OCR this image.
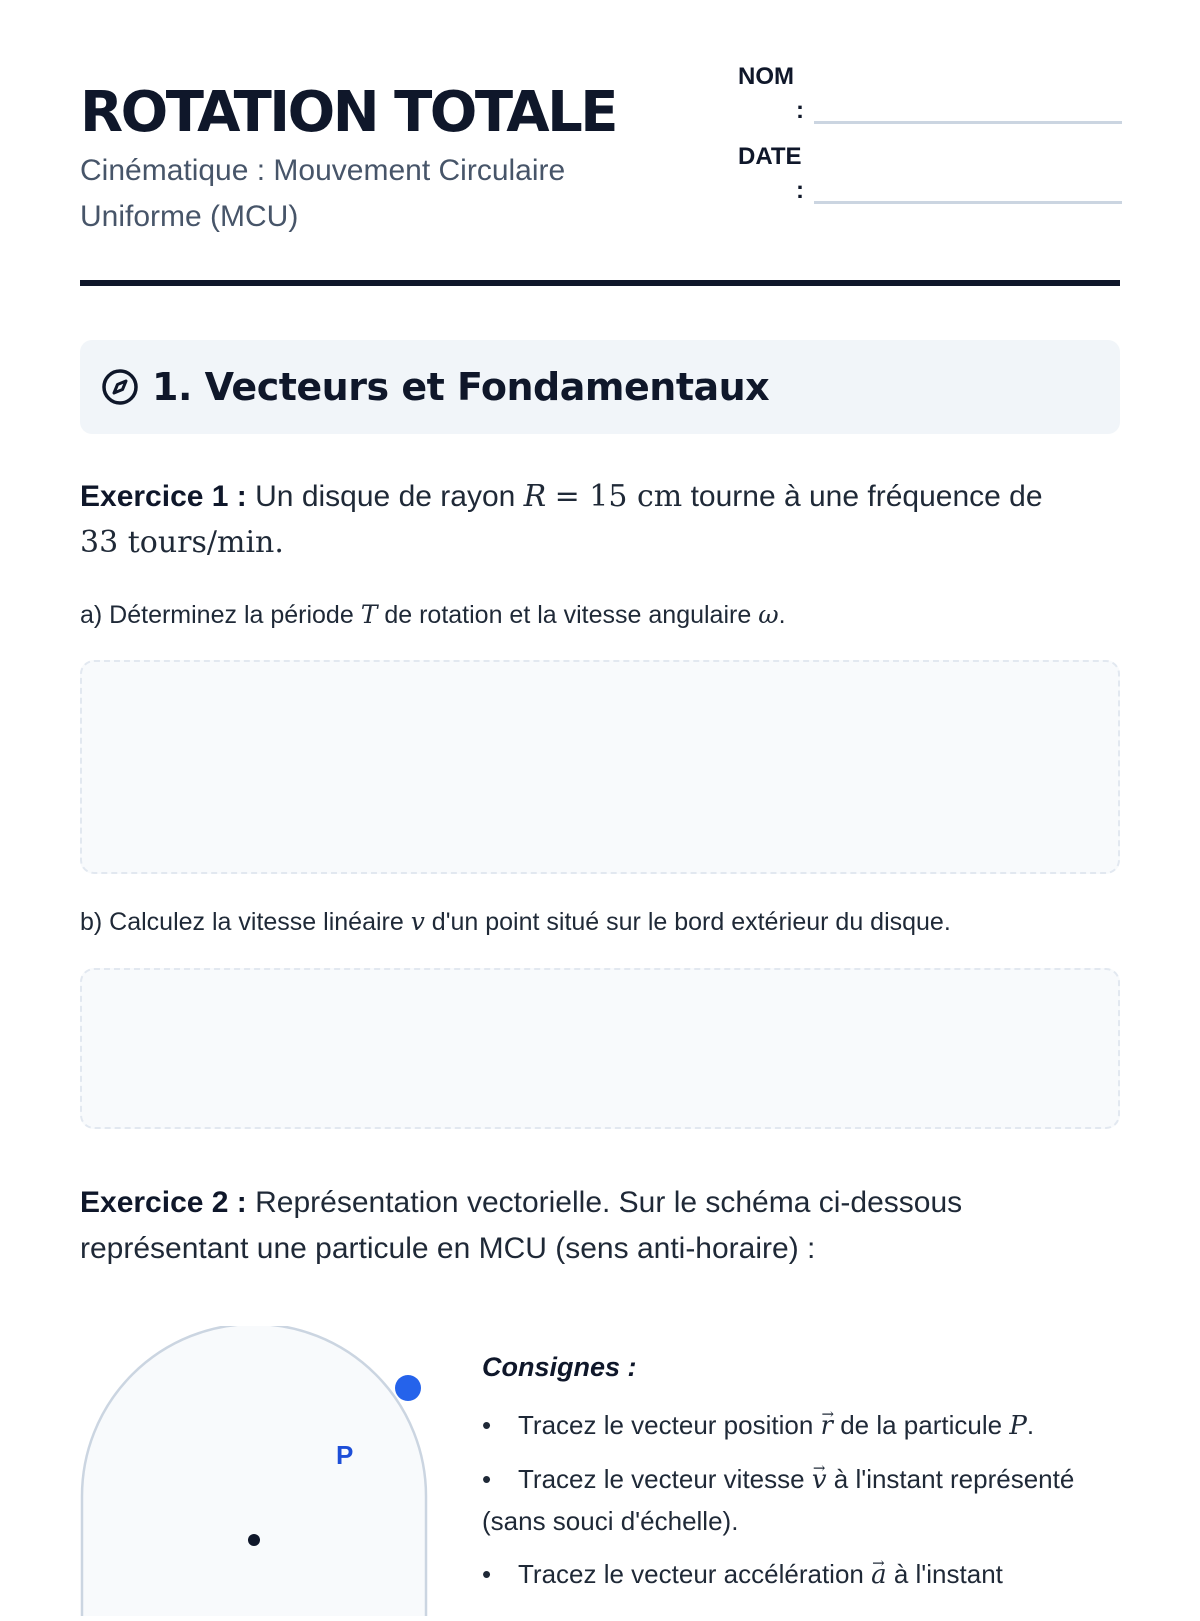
ROTATION TOTALE
Cinématique : Mouvement Circulaire Uniforme (MCU)
NOM
:
DATE
:
1. Vecteurs et Fondamentaux
Exercice 1 : Un disque de rayon R = 15 cm tourne à une fréquence de
33 tours/min.
a) Déterminez la période T de rotation et la vitesse angulaire ω.
b) Calculez la vitesse linéaire v d'un point situé sur le bord extérieur du disque.
Exercice 2 : Représentation vectorielle. Sur le schéma ci-dessous représentant une particule en MCU (sens anti-horaire) :
P
Consignes :
•Tracez le vecteur position → r de la particule P.
•Tracez le vecteur vitesse → v à l'instant représenté (sans souci d'échelle).
•Tracez le vecteur accélération → a à l'instant
